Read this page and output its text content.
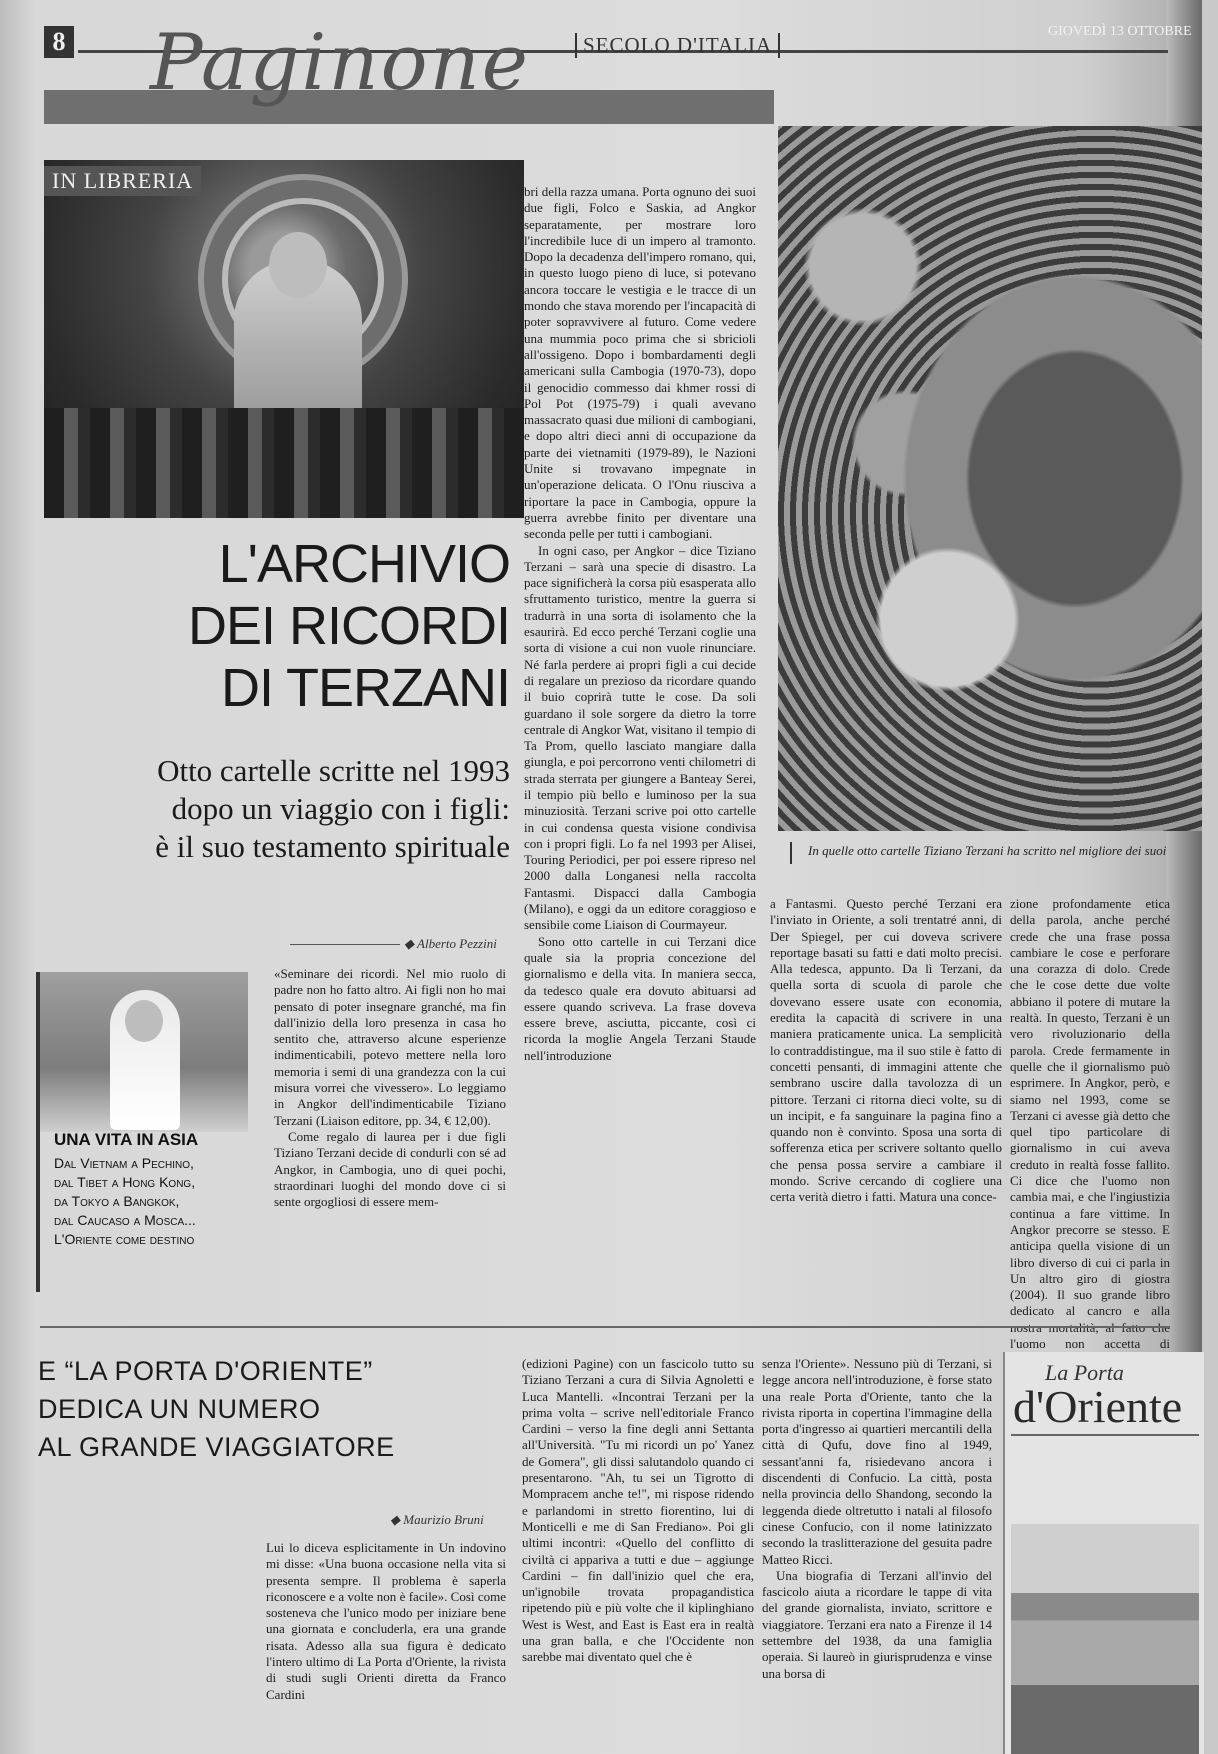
8 Paginone	SECOLO D'ITALIA
GIOVEDÌ 13 OTTOBRE
IN LIBRERIA
In quelle otto cartelle Tiziano Terzani ha scritto nel migliore dei suoi
L'ARCHIVIO
DEI RICORDI
DI TERZANI
Otto cartelle scritte nel 1993
dopo un viaggio con i figli:
è il suo testamento spirituale
◆ Alberto Pezzini
UNA VITA IN ASIA
Dal Vietnam a Pechino,
dal Tibet a Hong Kong,
da Tokyo a Bangkok,
dal Caucaso a Mosca...
L'Oriente come destino

«Seminare dei ricordi. Nel mio ruolo di padre non ho fatto altro. Ai figli non ho mai pensato di poter insegnare granché, ma fin dall'inizio della loro presenza in casa ho sentito che, attraverso alcune esperienze indimenticabili, potevo mettere nella loro memoria i semi di una grandezza con la cui misura vorrei che vivessero». Lo leggiamo in Angkor dell'indimenticabile Tiziano Terzani (Liaison editore, pp. 34, € 12,00).

Come regalo di laurea per i due figli Tiziano Terzani decide di condurli con sé ad Angkor, in Cambogia, uno di quei pochi, straordinari luoghi del mondo dove ci si sente orgogliosi di essere mem-

bri della razza umana. Porta ognuno dei suoi due figli, Folco e Saskia, ad Angkor separatamente, per mostrare loro l'incredibile luce di un impero al tramonto. Dopo la decadenza dell'impero romano, qui, in questo luogo pieno di luce, si potevano ancora toccare le vestigia e le tracce di un mondo che stava morendo per l'incapacità di poter sopravvivere al futuro. Come vedere una mummia poco prima che si sbricioli all'ossigeno. Dopo i bombardamenti degli americani sulla Cambogia (1970-73), dopo il genocidio commesso dai khmer rossi di Pol Pot (1975-79) i quali avevano massacrato quasi due milioni di cambogiani, e dopo altri dieci anni di occupazione da parte dei vietnamiti (1979-89), le Nazioni Unite si trovavano impegnate in un'operazione delicata. O l'Onu riusciva a riportare la pace in Cambogia, oppure la guerra avrebbe finito per diventare una seconda pelle per tutti i cambogiani.

In ogni caso, per Angkor – dice Tiziano Terzani – sarà una specie di disastro. La pace significherà la corsa più esasperata allo sfruttamento turistico, mentre la guerra si tradurrà in una sorta di isolamento che la esaurirà. Ed ecco perché Terzani coglie una sorta di visione a cui non vuole rinunciare. Né farla perdere ai propri figli a cui decide di regalare un prezioso da ricordare quando il buio coprirà tutte le cose. Da soli guardano il sole sorgere da dietro la torre centrale di Angkor Wat, visitano il tempio di Ta Prom, quello lasciato mangiare dalla giungla, e poi percorrono venti chilometri di strada sterrata per giungere a Banteay Serei, il tempio più bello e luminoso per la sua minuziosità. Terzani scrive poi otto cartelle in cui condensa questa visione condivisa con i propri figli. Lo fa nel 1993 per Alisei, Touring Periodici, per poi essere ripreso nel 2000 dalla Longanesi nella raccolta Fantasmi. Dispacci dalla Cambogia (Milano), e oggi da un editore coraggioso e sensibile come Liaison di Courmayeur.

Sono otto cartelle in cui Terzani dice quale sia la propria concezione del giornalismo e della vita. In maniera secca, da tedesco quale era dovuto abituarsi ad essere quando scriveva. La frase doveva essere breve, asciutta, piccante, così ci ricorda la moglie Angela Terzani Staude nell'introduzione

a Fantasmi. Questo perché Terzani era l'inviato in Oriente, a soli trentatré anni, di Der Spiegel, per cui doveva scrivere reportage basati su fatti e dati molto precisi. Alla tedesca, appunto. Da lì Terzani, da quella sorta di scuola di parole che dovevano essere usate con economia, eredita la capacità di scrivere in una maniera praticamente unica. La semplicità lo contraddistingue, ma il suo stile è fatto di concetti pensanti, di immagini attente che sembrano uscire dalla tavolozza di un pittore. Terzani ci ritorna dieci volte, su di un incipit, e fa sanguinare la pagina fino a quando non è convinto. Sposa una sorta di sofferenza etica per scrivere soltanto quello che pensa possa servire a cambiare il mondo. Scrive cercando di cogliere una certa verità dietro i fatti. Matura una conce-

zione profondamente etica della parola, anche perché crede che una frase possa cambiare le cose e perforare una corazza di dolo. Crede che le cose dette due volte abbiano il potere di mutare la realtà. In questo, Terzani è un vero rivoluzionario della parola. Crede fermamente in quelle che il giornalismo può esprimere. In Angkor, però, e siamo nel 1993, come se Terzani ci avesse già detto che quel tipo particolare di giornalismo in cui aveva creduto in realtà fosse fallito. Ci dice che l'uomo non cambia mai, e che l'ingiustizia continua a fare vittime. In Angkor precorre se stesso. E anticipa quella visione di un libro diverso di cui ci parla in Un altro giro di giostra (2004). Il suo grande libro dedicato al cancro e alla l'uomo non accetta di

E “LA PORTA D'ORIENTE”
DEDICA UN NUMERO
AL GRANDE VIAGGIATORE
◆ Maurizio Bruni

Lui lo diceva esplicitamente in Un indovino mi disse: «Una buona occasione nella vita si presenta sempre. Il problema è saperla riconoscere e a volte non è facile». Così come sosteneva che l'unico modo per iniziare bene una giornata e concluderla, era una grande risata. Adesso alla sua figura è dedicato l'intero ultimo di La Porta d'Oriente, la rivista di studi sugli Orienti diretta da Franco Cardini

(edizioni Pagine) con un fascicolo tutto su Tiziano Terzani a cura di Silvia Agnoletti e Luca Mantelli. «Incontrai Terzani per la prima volta – scrive nell'editoriale Franco Cardini – verso la fine degli anni Settanta all'Università. "Tu mi ricordi un po' Yanez de Gomera", gli dissi salutandolo quando ci presentarono. "Ah, tu sei un Tigrotto di Mompracem anche te!", mi rispose ridendo e parlandomi in stretto fiorentino, lui di Monticelli e me di San Frediano». Poi gli ultimi incontri: «Quello del conflitto di civiltà ci appariva a tutti e due – aggiunge Cardini – fin dall'inizio quel che era, un'ignobile trovata propagandistica ripetendo più e più volte che il kiplinghiano West is West, and East is East era in realtà una gran balla, e che l'Occidente non sarebbe mai diventato quel che è

senza l'Oriente». Nessuno più di Terzani, si legge ancora nell'introduzione, è forse stato una reale Porta d'Oriente, tanto che la rivista riporta in copertina l'immagine della porta d'ingresso ai quartieri mercantili della città di Qufu, dove fino al 1949, sessant'anni fa, risiedevano ancora i discendenti di Confucio. La città, posta nella provincia dello Shandong, secondo la leggenda diede oltretutto i natali al filosofo cinese Confucio, con il nome latinizzato secondo la traslitterazione del gesuita padre Matteo Ricci.

Una biografia di Terzani all'invio del fascicolo aiuta a ricordare le tappe di vita del grande giornalista, inviato, scrittore e viaggiatore. Terzani era nato a Firenze il 14 settembre del 1938, da una famiglia operaia. Si laureò in giurisprudenza e vinse una borsa di

La Porta
d'Oriente
